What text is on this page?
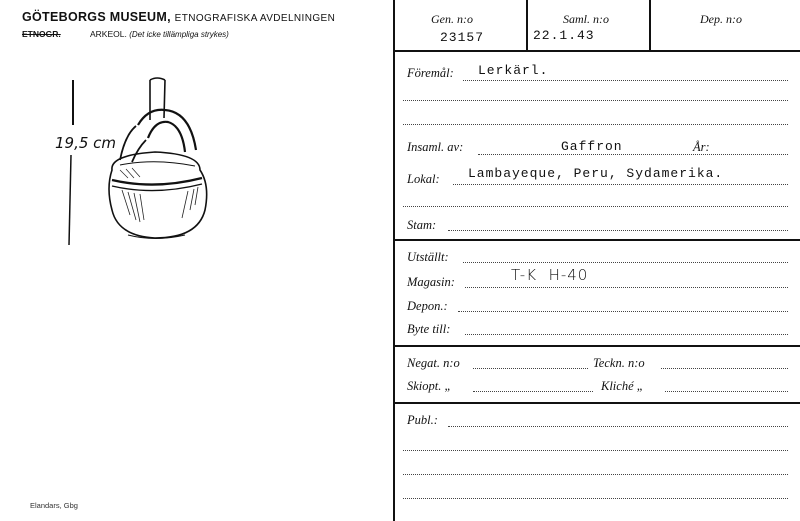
GÖTEBORGS MUSEUM, ETNOGRAFISKA AVDELNINGEN
ETNOGR.	ARKEOL. (Det icke tillämpliga strykes)
19,5 cm
Elandars, Gbg
Gen. n:o
23157
Saml. n:o
22.1.43
Dep. n:o
Föremål: Lerkärl.
Insaml. av:	Gaffron	År:
Lokal: Lambayeque, Peru, Sydamerika.
Stam:
Utställt:
Magasin:	T-K  H-40
Depon.:
Byte till:
Negat. n:o	Teckn. n:o
Skiopt. „	Kliché „
Publ.:
